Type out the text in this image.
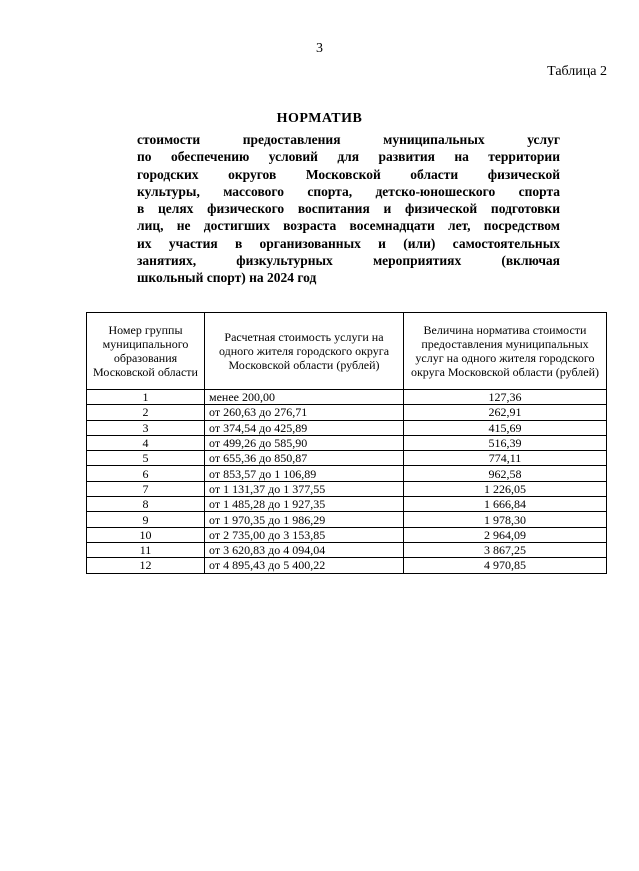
3
Таблица 2
НОРМАТИВ
стоимости предоставления муниципальных услуг
по обеспечению условий для развития на территории
городских округов Московской области физической
культуры, массового спорта, детско-юношеского спорта
в целях физического воспитания и физической подготовки
лиц, не достигших возраста восемнадцати лет, посредством
их участия в организованных и (или) самостоятельных
занятиях, физкультурных мероприятиях (включая
школьный спорт) на 2024 год
Номер группы муниципального образования Московской области	Расчетная стоимость услуги на одного жителя городского округа Московской области (рублей)	Величина норматива стоимости предоставления муниципальных услуг на одного жителя городского округа Московской области (рублей)
1	менее 200,00	127,36
2	от 260,63 до 276,71	262,91
3	от 374,54 до 425,89	415,69
4	от 499,26 до 585,90	516,39
5	от 655,36 до 850,87	774,11
6	от 853,57 до 1 106,89	962,58
7	от 1 131,37 до 1 377,55	1 226,05
8	от 1 485,28 до 1 927,35	1 666,84
9	от 1 970,35 до 1 986,29	1 978,30
10	от 2 735,00 до 3 153,85	2 964,09
11	от 3 620,83 до 4 094,04	3 867,25
12	от 4 895,43 до 5 400,22	4 970,85
